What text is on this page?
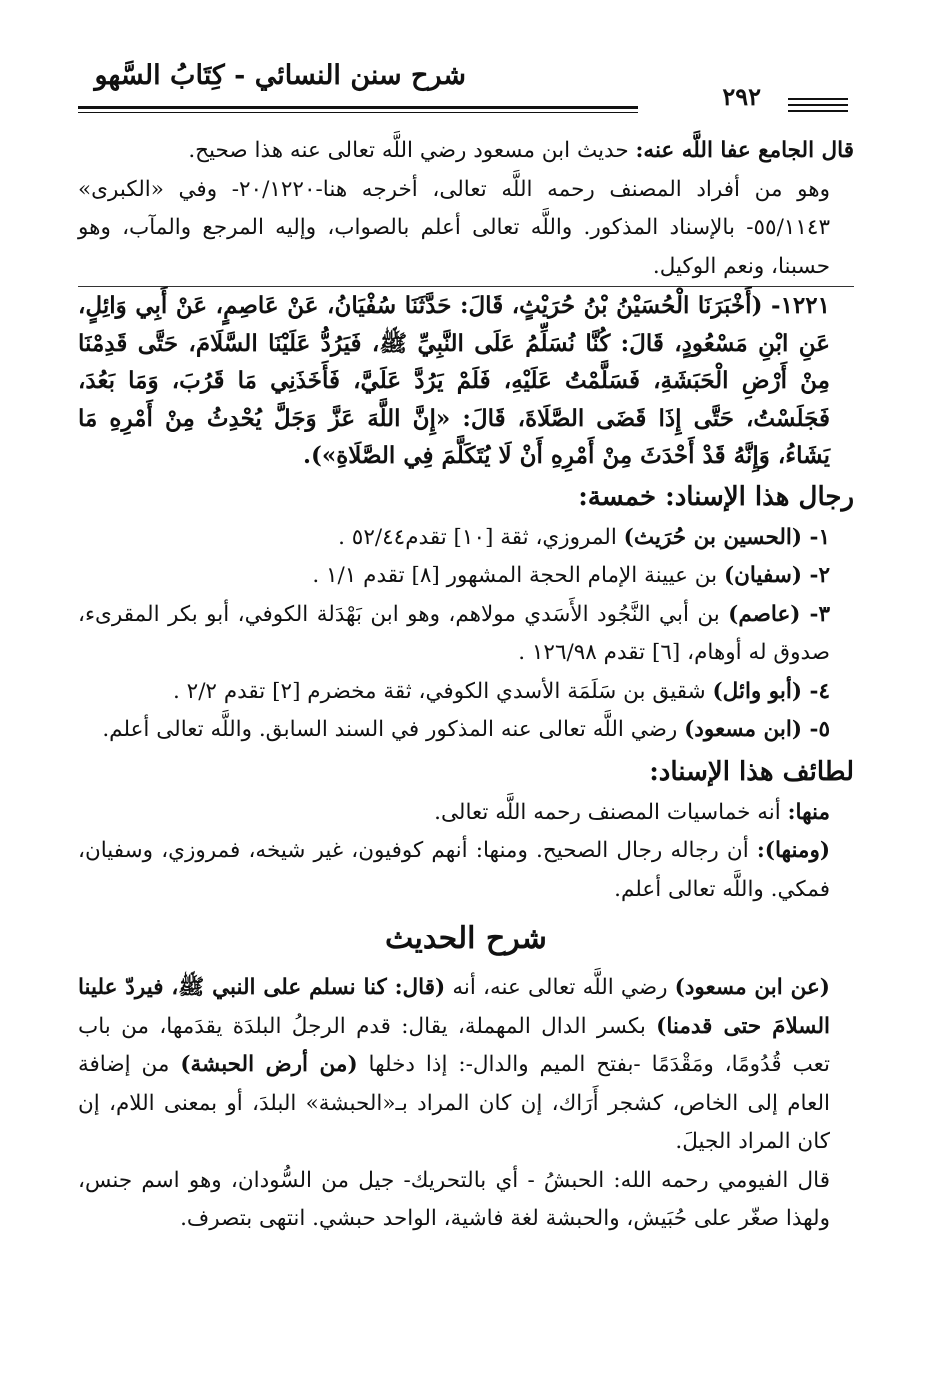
شرح سنن النسائي - كِتَابُ السَّهو
٢٩٢

قال الجامع عفا اللَّه عنه: حديث ابن مسعود رضي اللَّه تعالى عنه هذا صحيح.

وهو من أفراد المصنف رحمه اللَّه تعالى، أخرجه هنا-٢٠/١٢٢٠- وفي «الكبرى» ٥٥/١١٤٣- بالإسناد المذكور. واللَّه تعالى أعلم بالصواب، وإليه المرجع والمآب، وهو حسبنا، ونعم الوكيل.

١٢٢١- (أَخْبَرَنَا الْحُسَيْنُ بْنُ حُرَيْثٍ، قَالَ: حَدَّثَنَا سُفْيَانُ، عَنْ عَاصِمٍ، عَنْ أَبِي وَائِلٍ، عَنِ ابْنِ مَسْعُودٍ، قَالَ: كُنَّا نُسَلِّمُ عَلَى النَّبِيِّ ﷺ، فَيَرُدُّ عَلَيْنَا السَّلَامَ، حَتَّى قَدِمْنَا مِنْ أَرْضِ الْحَبَشَةِ، فَسَلَّمْتُ عَلَيْهِ، فَلَمْ يَرُدَّ عَلَيَّ، فَأَخَذَنِي مَا قَرُبَ، وَمَا بَعُدَ، فَجَلَسْتُ، حَتَّى إِذَا قَضَى الصَّلَاةَ، قَالَ: «إِنَّ اللَّهَ عَزَّ وَجَلَّ يُحْدِثُ مِنْ أَمْرِهِ مَا يَشَاءُ، وَإِنَّهُ قَدْ أَحْدَثَ مِنْ أَمْرِهِ أَنْ لَا يُتَكَلَّمَ فِي الصَّلَاةِ»).

رجال هذا الإسناد: خمسة:

١- (الحسين بن حُرَيث) المروزي، ثقة [١٠] تقدم٥٢/٤٤ .

٢- (سفيان) بن عيينة الإمام الحجة المشهور [٨] تقدم ١/١ .

٣- (عاصم) بن أبي النَّجُود الأَسَدي مولاهم، وهو ابن بَهْدَلة الكوفي، أبو بكر المقرىء، صدوق له أوهام، [٦] تقدم ١٢٦/٩٨ .

٤- (أبو وائل) شقيق بن سَلَمَة الأسدي الكوفي، ثقة مخضرم [٢] تقدم ٢/٢ .

٥- (ابن مسعود) رضي اللَّه تعالى عنه المذكور في السند السابق. واللَّه تعالى أعلم.

لطائف هذا الإسناد:

منها: أنه خماسيات المصنف رحمه اللَّه تعالى.

(ومنها): أن رجاله رجال الصحيح. ومنها: أنهم كوفيون، غير شيخه، فمروزي، وسفيان، فمكي. واللَّه تعالى أعلم.

شرح الحديث

(عن ابن مسعود) رضي اللَّه تعالى عنه، أنه (قال: كنا نسلم على النبي ﷺ، فيردّ علينا السلامَ حتى قدمنا) بكسر الدال المهملة، يقال: قدم الرجلُ البلدَة يقدَمها، من باب تعب قُدُومًا، ومَقْدَمًا -بفتح الميم والدال-: إذا دخلها (من أرض الحبشة) من إضافة العام إلى الخاص، كشجر أَرَاك، إن كان المراد بـ«الحبشة» البلدَ، أو بمعنى اللام، إن كان المراد الجيلَ.

قال الفيومي رحمه الله: الحبشُ - أي بالتحريك- جيل من السُّودان، وهو اسم جنس، ولهذا صغّر على حُبَيش، والحبشة لغة فاشية، الواحد حبشي. انتهى بتصرف.
